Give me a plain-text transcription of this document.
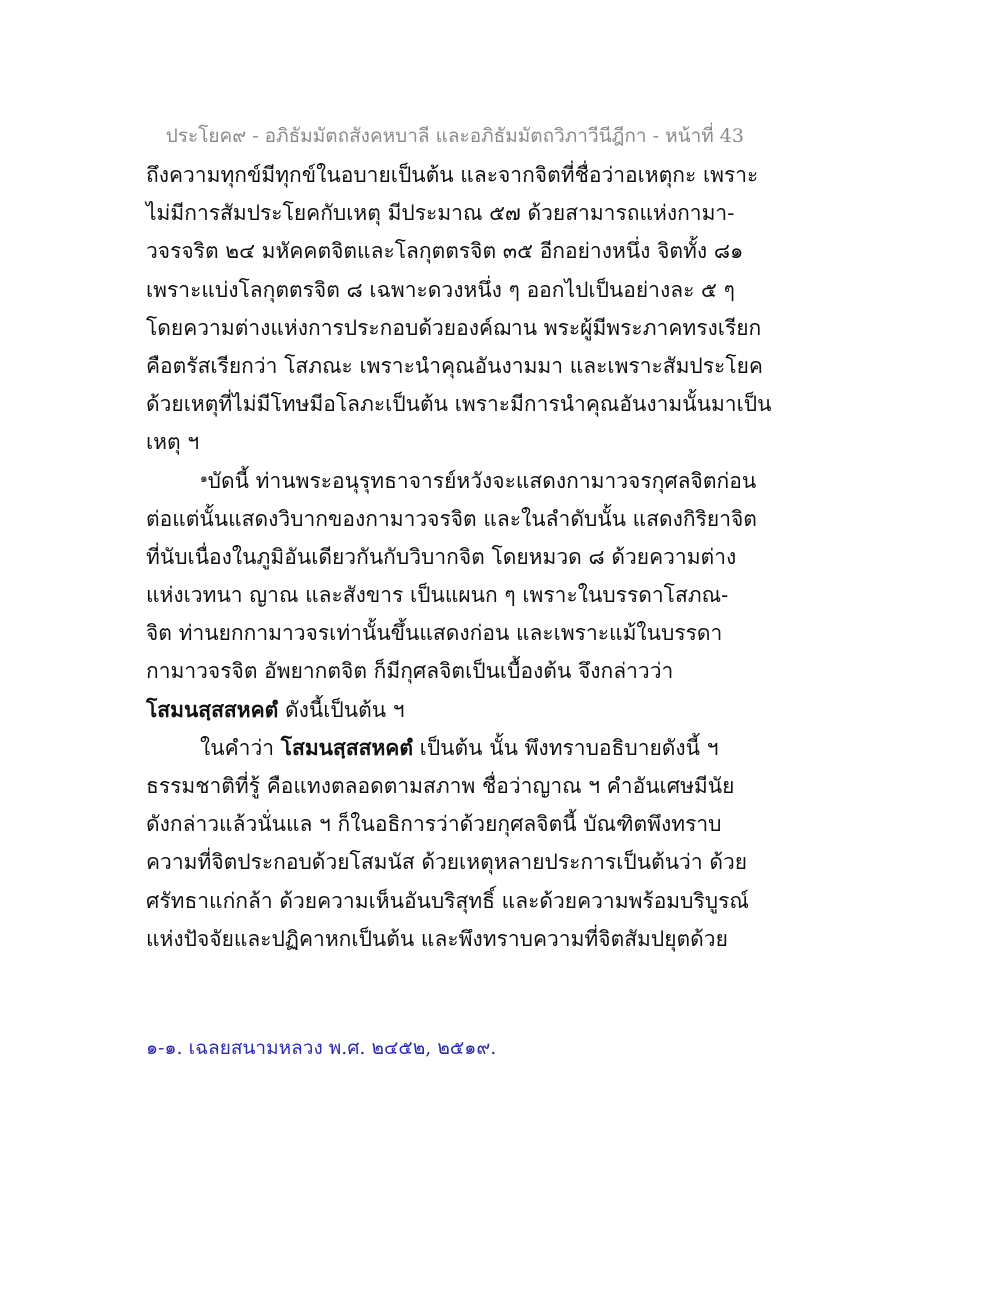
ประโยค๙ - อภิธัมมัตถสังคหบาลี และอภิธัมมัตถวิภาวีนีฎีกา - หน้าที่ 43
ถึงความทุกข์มีทุกข์ในอบายเป็นต้น และจากจิตที่ชื่อว่าอเหตุกะ เพราะ
ไม่มีการสัมประโยคกับเหตุ มีประมาณ ๕๗ ด้วยสามารถแห่งกามา-
วจรจริต ๒๔ มหัคคตจิตและโลกุตตรจิต ๓๕ อีกอย่างหนึ่ง จิตทั้ง ๘๑
เพราะแบ่งโลกุตตรจิต ๘ เฉพาะดวงหนึ่ง ๆ ออกไปเป็นอย่างละ ๕ ๆ
โดยความต่างแห่งการประกอบด้วยองค์ฌาน พระผู้มีพระภาคทรงเรียก
คือตรัสเรียกว่า โสภณะ เพราะนำคุณอันงามมา และเพราะสัมประโยค
ด้วยเหตุที่ไม่มีโทษมีอโลภะเป็นต้น เพราะมีการนำคุณอันงามนั้นมาเป็น
เหตุ ฯ
$^๑$บัดนี้ ท่านพระอนุรุทธาจารย์หวังจะแสดงกามาวจรกุศลจิตก่อน
ต่อแต่นั้นแสดงวิบากของกามาวจรจิต และในลำดับนั้น แสดงกิริยาจิต
ที่นับเนื่องในภูมิอันเดียวกันกับวิบากจิต โดยหมวด ๘ ด้วยความต่าง
แห่งเวทนา ญาณ และสังขาร เป็นแผนก ๆ เพราะในบรรดาโสภณ-
จิต ท่านยกกามาวจรเท่านั้นขึ้นแสดงก่อน และเพราะแม้ในบรรดา
กามาวจรจิต อัพยากตจิต ก็มีกุศลจิตเป็นเบื้องต้น จึงกล่าวว่า
โสมนสฺสสหคตํ ดังนี้เป็นต้น ฯ
ในคำว่า โสมนสฺสสหคตํ เป็นต้น นั้น พึงทราบอธิบายดังนี้ ฯ
ธรรมชาติที่รู้ คือแทงตลอดตามสภาพ ชื่อว่าญาณ ฯ คำอันเศษมีนัย
ดังกล่าวแล้วนั่นแล ฯ ก็ในอธิการว่าด้วยกุศลจิตนี้ บัณฑิตพึงทราบ
ความที่จิตประกอบด้วยโสมนัส ด้วยเหตุหลายประการเป็นต้นว่า ด้วย
ศรัทธาแก่กล้า ด้วยความเห็นอันบริสุทธิ์ และด้วยความพร้อมบริบูรณ์
แห่งปัจจัยและปฏิคาหกเป็นต้น และพึงทราบความที่จิตสัมปยุตด้วย
๑-๑. เฉลยสนามหลวง พ.ศ. ๒๔๕๒, ๒๕๑๙.
